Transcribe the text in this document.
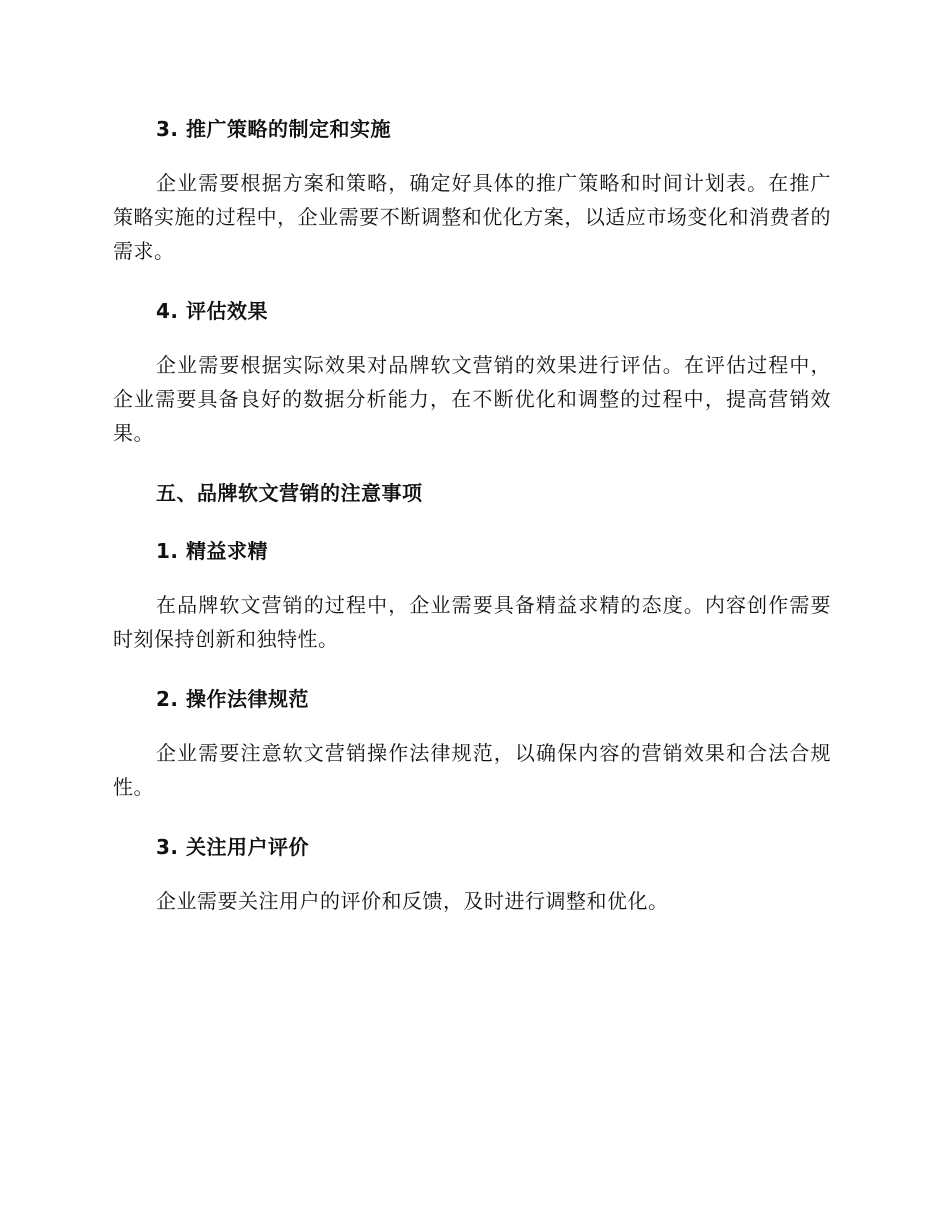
3. 推广策略的制定和实施

企业需要根据方案和策略，确定好具体的推广策略和时间计划表。在推广策略实施的过程中，企业需要不断调整和优化方案，以适应市场变化和消费者的需求。

4. 评估效果

企业需要根据实际效果对品牌软文营销的效果进行评估。在评估过程中，企业需要具备良好的数据分析能力，在不断优化和调整的过程中，提高营销效果。

五、品牌软文营销的注意事项
1. 精益求精

在品牌软文营销的过程中，企业需要具备精益求精的态度。内容创作需要时刻保持创新和独特性。

2. 操作法律规范

企业需要注意软文营销操作法律规范，以确保内容的营销效果和合法合规性。

3. 关注用户评价

企业需要关注用户的评价和反馈，及时进行调整和优化。
